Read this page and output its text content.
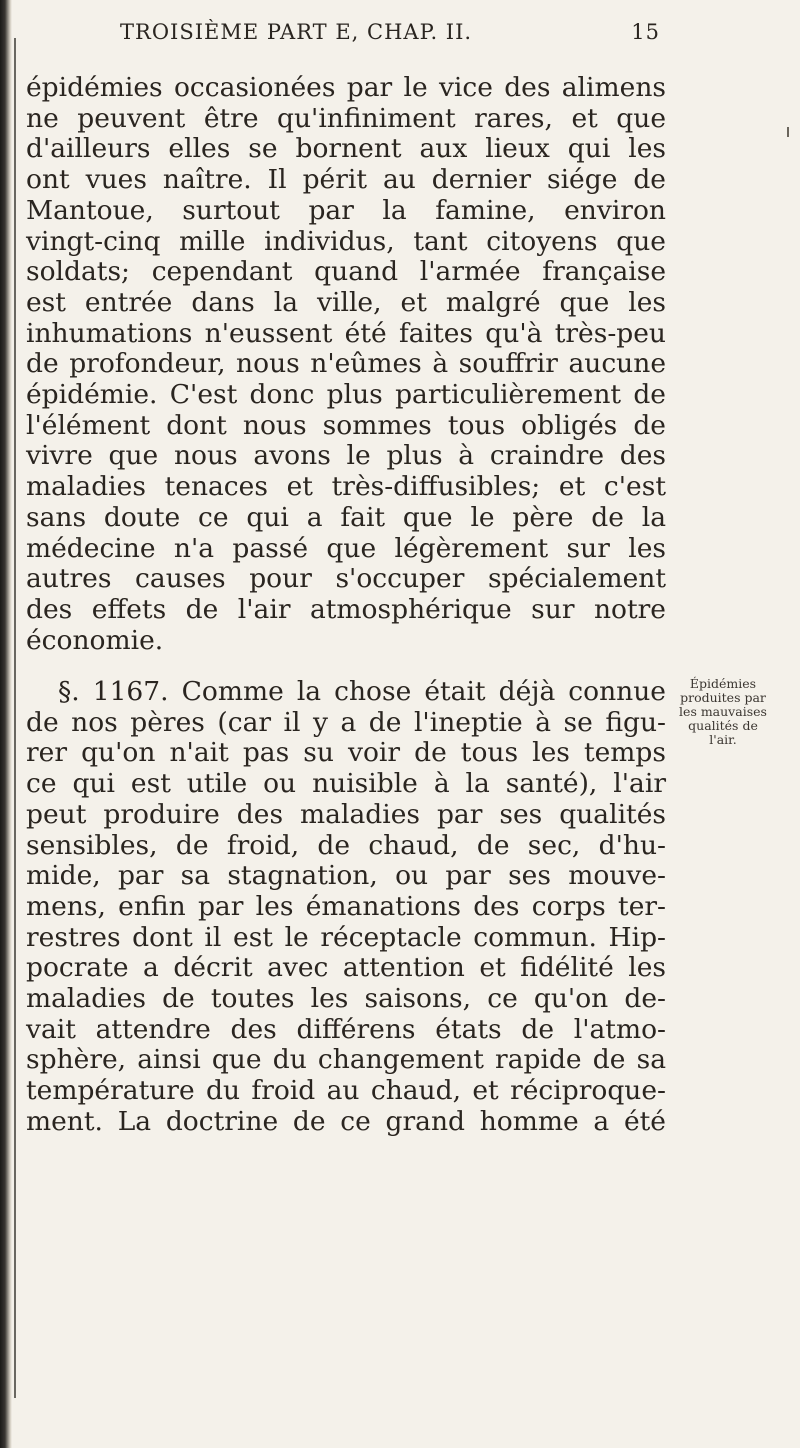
TROISIÈME PART E, CHAP. II.	15
épidémies occasionées par le vice des alimens
ne peuvent être qu'infiniment rares, et que
d'ailleurs elles se bornent aux lieux qui les
ont vues naître. Il périt au dernier siége de
Mantoue, surtout par la famine, environ
vingt-cinq mille individus, tant citoyens que
soldats; cependant quand l'armée française
est entrée dans la ville, et malgré que les
inhumations n'eussent été faites qu'à très-peu
de profondeur, nous n'eûmes à souffrir aucune
épidémie. C'est donc plus particulièrement de
l'élément dont nous sommes tous obligés de
vivre que nous avons le plus à craindre des
maladies tenaces et très-diffusibles; et c'est
sans doute ce qui a fait que le père de la
médecine n'a passé que légèrement sur les
autres causes pour s'occuper spécialement
des effets de l'air atmosphérique sur notre
économie.
§. 1167. Comme la chose était déjà connue
de nos pères (car il y a de l'ineptie à se figu-
rer qu'on n'ait pas su voir de tous les temps
ce qui est utile ou nuisible à la santé), l'air
peut produire des maladies par ses qualités
sensibles, de froid, de chaud, de sec, d'hu-
mide, par sa stagnation, ou par ses mouve-
mens, enfin par les émanations des corps ter-
restres dont il est le réceptacle commun. Hip-
pocrate a décrit avec attention et fidélité les
maladies de toutes les saisons, ce qu'on de-
vait attendre des différens états de l'atmo-
sphère, ainsi que du changement rapide de sa
température du froid au chaud, et réciproque-
ment. La doctrine de ce grand homme a été
Épidémies
produites par
les mauvaises
qualités de
l'air.
